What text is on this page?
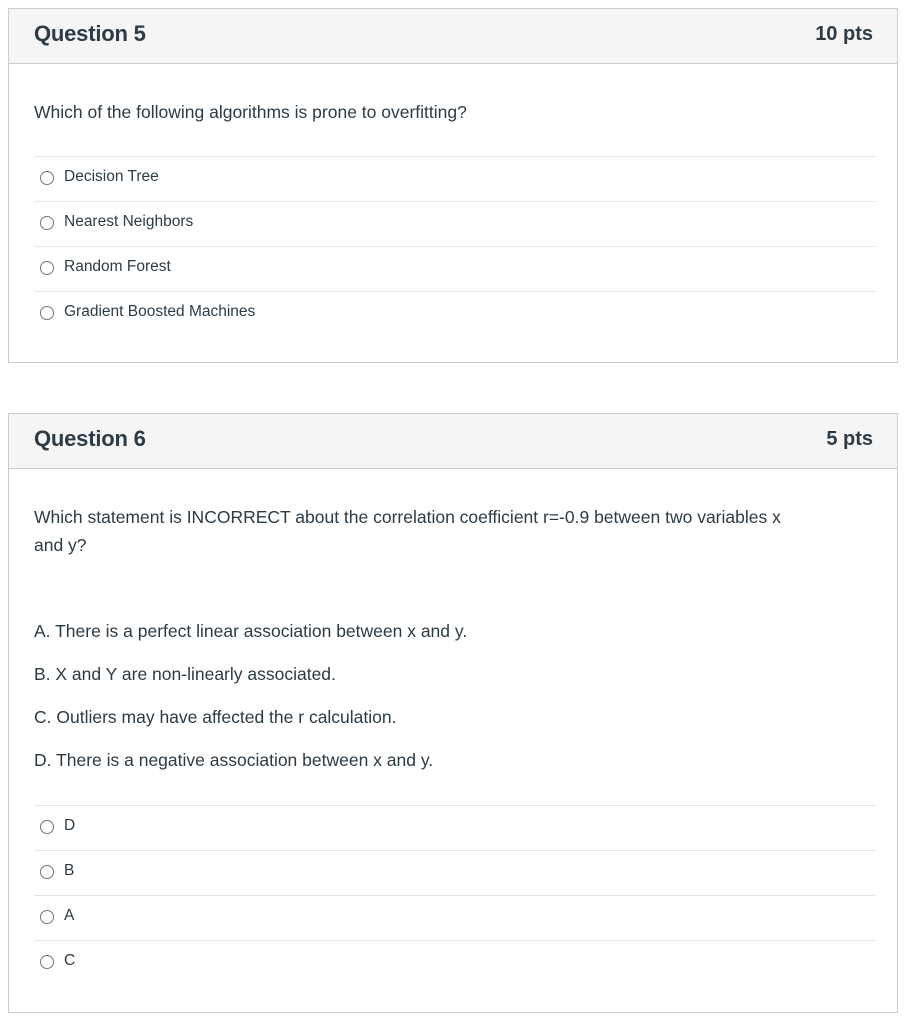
Question 5	10 pts
Which of the following algorithms is prone to overfitting?
Decision Tree
Nearest Neighbors
Random Forest
Gradient Boosted Machines
Question 6	5 pts
Which statement is INCORRECT about the correlation coefficient r=-0.9 between two variables x
and y?
A. There is a perfect linear association between x and y.
B. X and Y are non-linearly associated.
C. Outliers may have affected the r calculation.
D. There is a negative association between x and y.
D
B
A
C
